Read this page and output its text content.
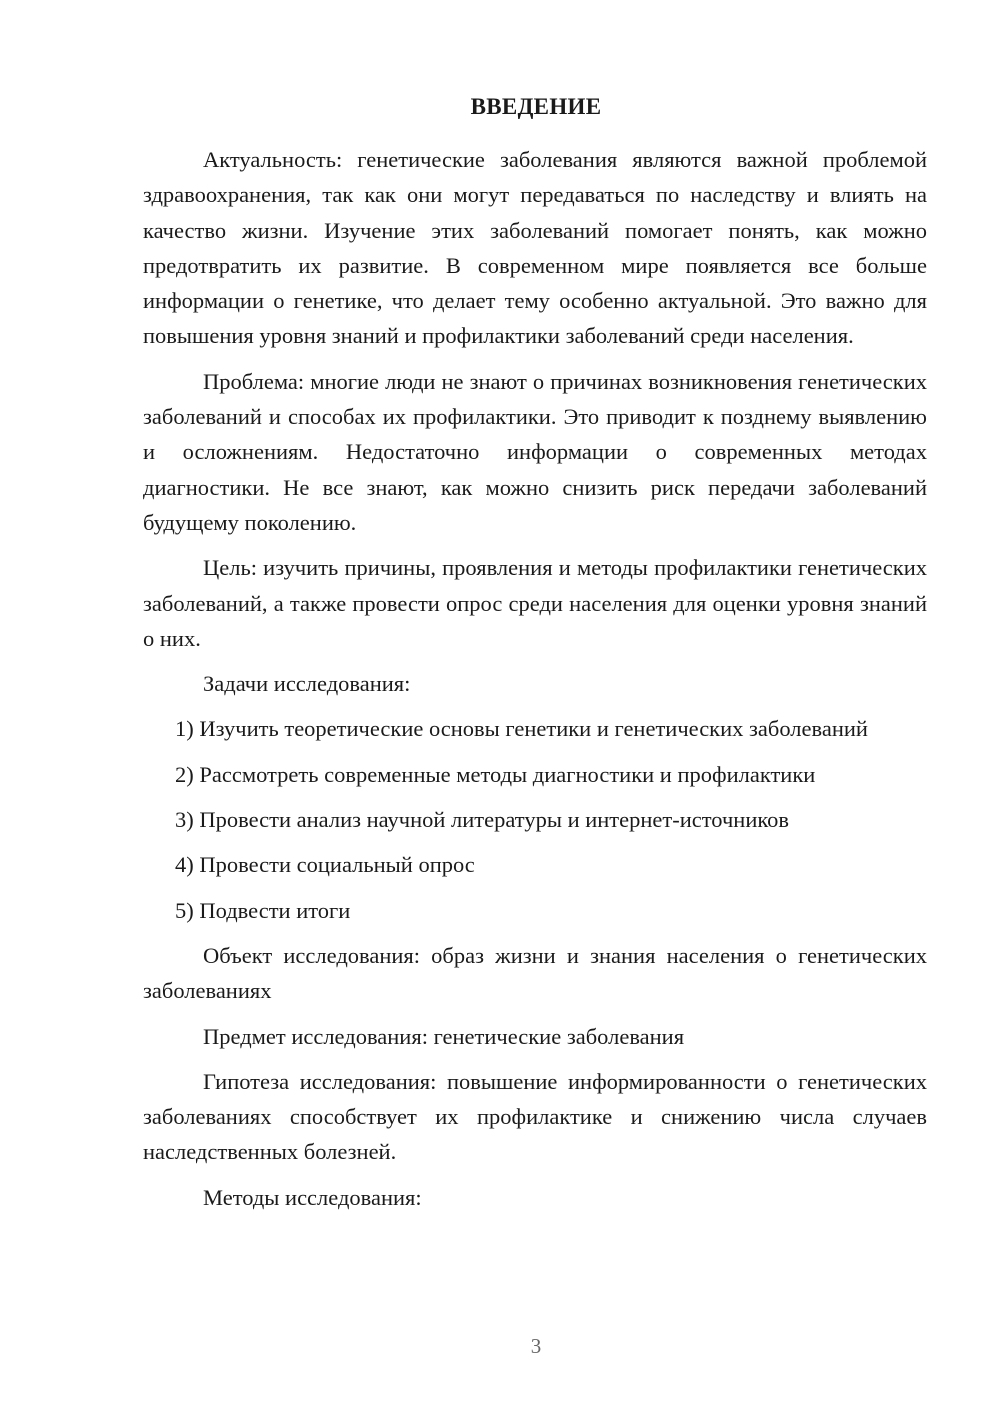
ВВЕДЕНИЕ

Актуальность: генетические заболевания являются важной проблемой здравоохранения, так как они могут передаваться по наследству и влиять на качество жизни. Изучение этих заболеваний помогает понять, как можно предотвратить их развитие. В современном мире появляется все больше информации о генетике, что делает тему особенно актуальной. Это важно для повышения уровня знаний и профилактики заболеваний среди населения.

Проблема: многие люди не знают о причинах возникновения генетических заболеваний и способах их профилактики. Это приводит к позднему выявлению и осложнениям. Недостаточно информации о современных методах диагностики. Не все знают, как можно снизить риск передачи заболеваний будущему поколению.

Цель: изучить причины, проявления и методы профилактики генетических заболеваний, а также провести опрос среди населения для оценки уровня знаний о них.

Задачи исследования:

1) Изучить теоретические основы генетики и генетических заболеваний

2) Рассмотреть современные методы диагностики и профилактики

3) Провести анализ научной литературы и интернет-источников

4) Провести социальный опрос

5) Подвести итоги

Объект исследования: образ жизни и знания населения о генетических заболеваниях

Предмет исследования: генетические заболевания

Гипотеза исследования: повышение информированности о генетических заболеваниях способствует их профилактике и снижению числа случаев наследственных болезней.

Методы исследования:

3
